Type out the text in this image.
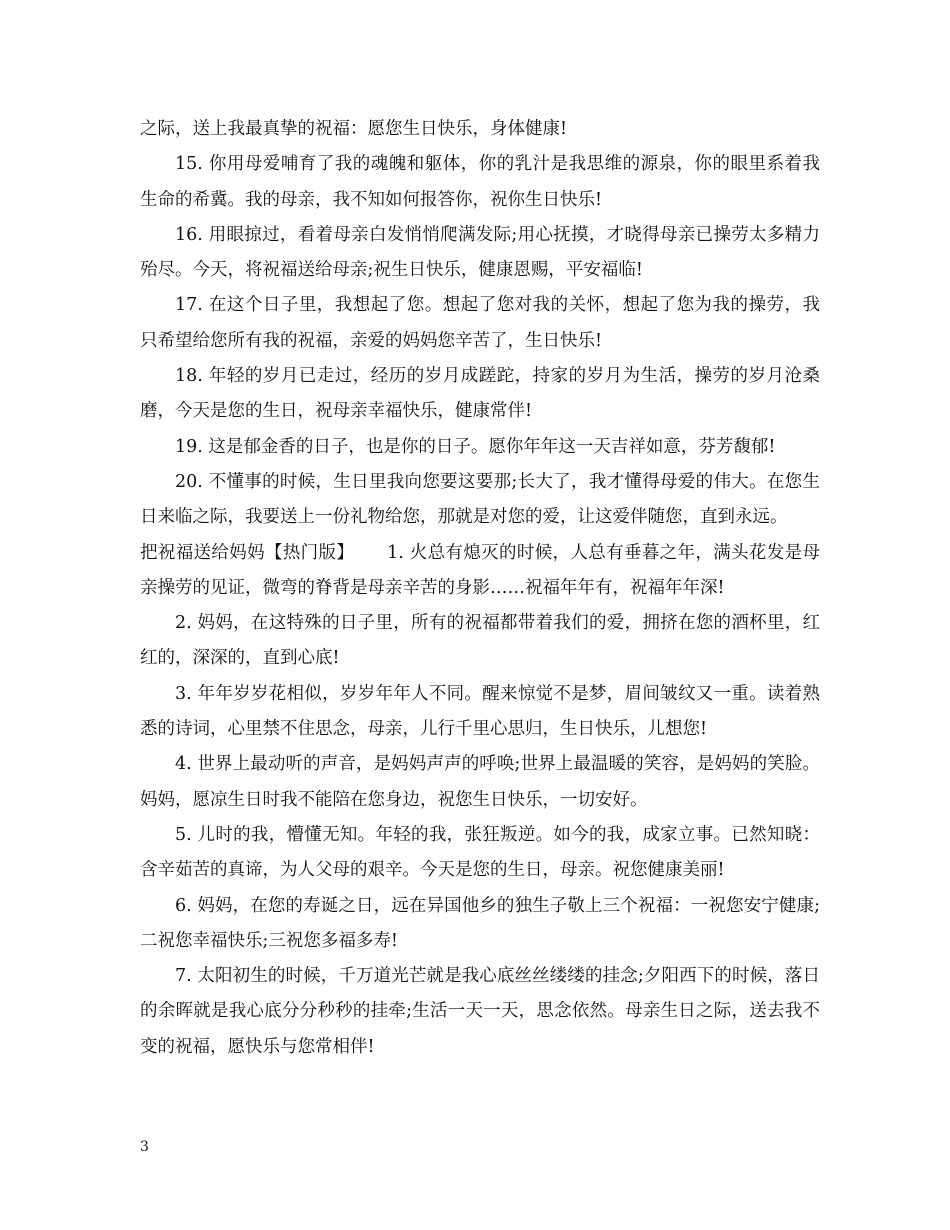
之际，送上我最真挚的祝福：愿您生日快乐，身体健康!

15. 你用母爱哺育了我的魂魄和躯体，你的乳汁是我思维的源泉，你的眼里系着我生命的希冀。我的母亲，我不知如何报答你，祝你生日快乐!

16. 用眼掠过，看着母亲白发悄悄爬满发际;用心抚摸，才晓得母亲已操劳太多精力殆尽。今天，将祝福送给母亲;祝生日快乐，健康恩赐，平安福临!

17. 在这个日子里，我想起了您。想起了您对我的关怀，想起了您为我的操劳，我只希望给您所有我的祝福，亲爱的妈妈您辛苦了，生日快乐!

18. 年轻的岁月已走过，经历的岁月成蹉跎，持家的岁月为生活，操劳的岁月沧桑磨，今天是您的生日，祝母亲幸福快乐，健康常伴!

19. 这是郁金香的日子，也是你的日子。愿你年年这一天吉祥如意，芬芳馥郁!

20. 不懂事的时候，生日里我向您要这要那;长大了，我才懂得母爱的伟大。在您生日来临之际，我要送上一份礼物给您，那就是对您的爱，让这爱伴随您，直到永远。

把祝福送给妈妈【热门版】　　 1. 火总有熄灭的时候，人总有垂暮之年，满头花发是母亲操劳的见证，微弯的脊背是母亲辛苦的身影……祝福年年有，祝福年年深!

2. 妈妈，在这特殊的日子里，所有的祝福都带着我们的爱，拥挤在您的酒杯里，红红的，深深的，直到心底!

3. 年年岁岁花相似，岁岁年年人不同。醒来惊觉不是梦，眉间皱纹又一重。读着熟悉的诗词，心里禁不住思念，母亲，儿行千里心思归，生日快乐，儿想您!

4. 世界上最动听的声音，是妈妈声声的呼唤;世界上最温暖的笑容，是妈妈的笑脸。妈妈，愿凉生日时我不能陪在您身边，祝您生日快乐，一切安好。

5. 儿时的我，懵懂无知。年轻的我，张狂叛逆。如今的我，成家立事。已然知晓：含辛茹苦的真谛，为人父母的艰辛。今天是您的生日，母亲。祝您健康美丽!

6. 妈妈，在您的寿诞之日，远在异国他乡的独生子敬上三个祝福：一祝您安宁健康;二祝您幸福快乐;三祝您多福多寿!

7. 太阳初生的时候，千万道光芒就是我心底丝丝缕缕的挂念;夕阳西下的时候，落日的余晖就是我心底分分秒秒的挂牵;生活一天一天，思念依然。母亲生日之际，送去我不变的祝福，愿快乐与您常相伴!

3
